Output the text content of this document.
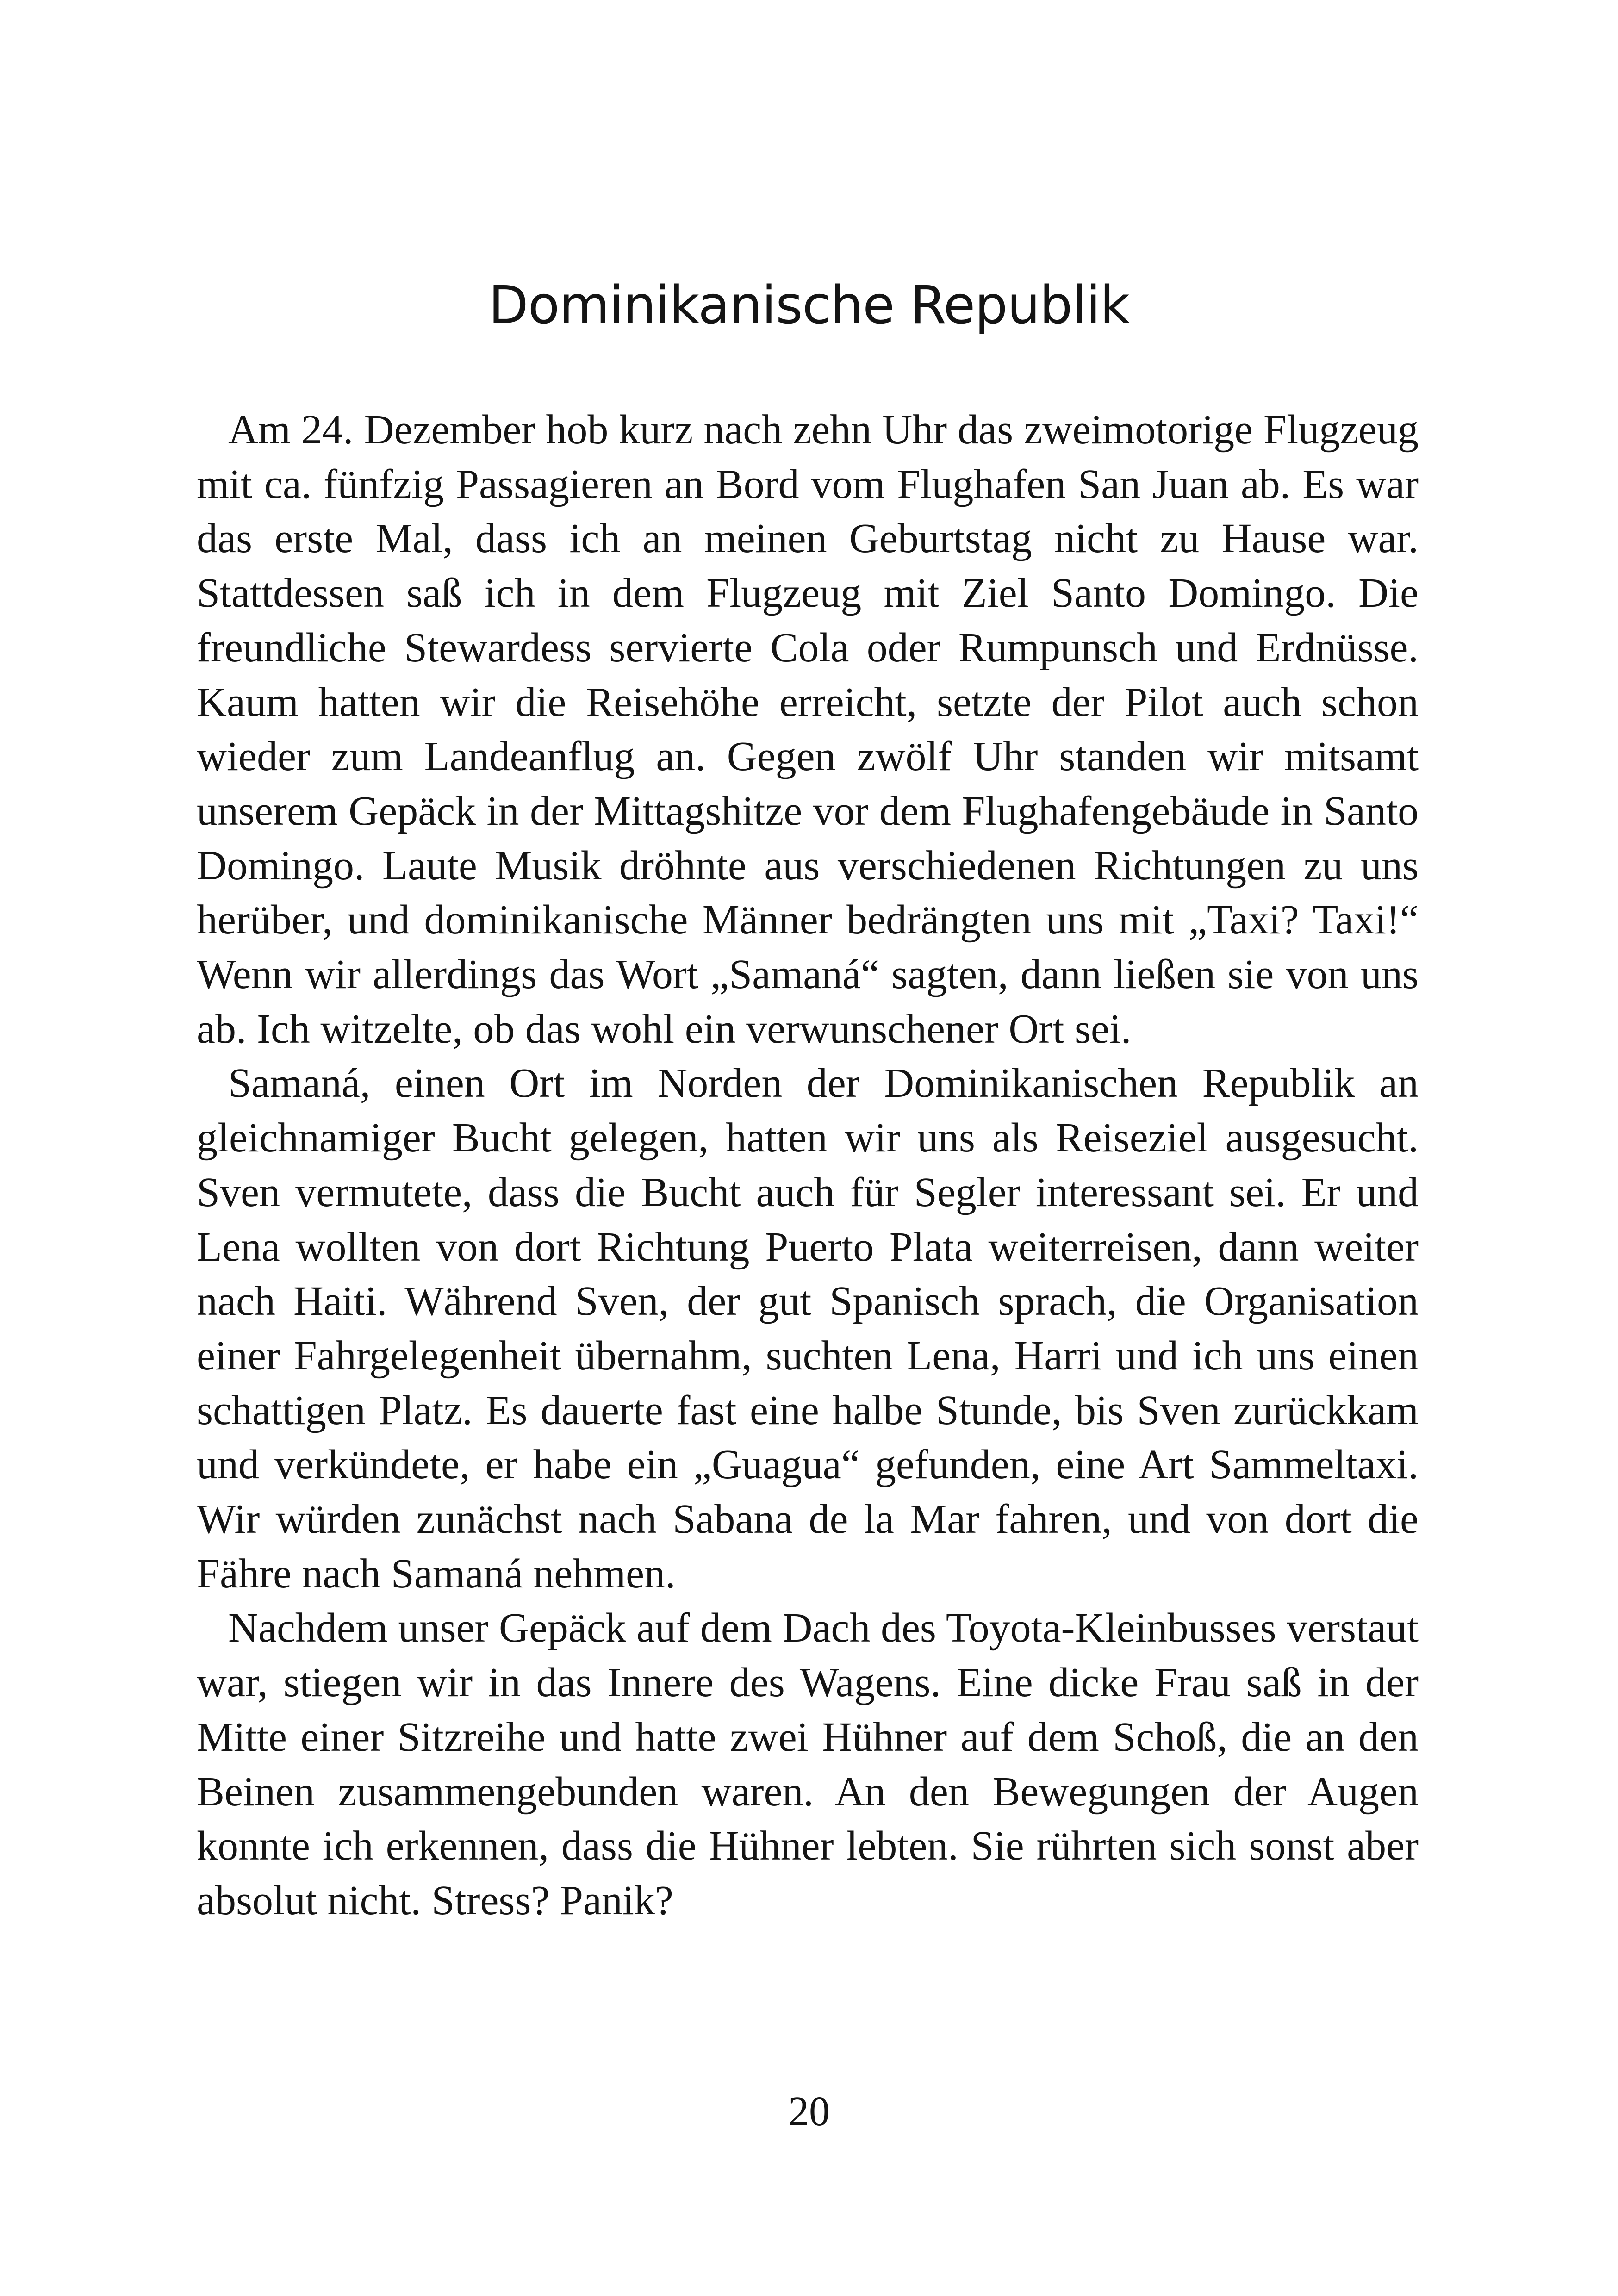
Dominikanische Republik

Am 24. Dezember hob kurz nach zehn Uhr das zweimotorige Flugzeug mit ca. fünfzig Passagieren an Bord vom Flughafen San Juan ab. Es war das erste Mal, dass ich an meinen Geburtstag nicht zu Hause war. Stattdessen saß ich in dem Flugzeug mit Ziel Santo Domingo. Die freundliche Stewardess servierte Cola oder Rumpunsch und Erdnüsse. Kaum hatten wir die Reisehöhe erreicht, setzte der Pilot auch schon wieder zum Landeanflug an. Gegen zwölf Uhr standen wir mitsamt unserem Gepäck in der Mittagshitze vor dem Flughafengebäude in Santo Domingo. Laute Musik dröhnte aus verschiedenen Richtungen zu uns herüber, und dominikanische Männer bedrängten uns mit „Taxi? Taxi!“ Wenn wir allerdings das Wort „Samaná“ sagten, dann ließen sie von uns ab. Ich witzelte, ob das wohl ein verwunschener Ort sei.

Samaná, einen Ort im Norden der Dominikanischen Republik an gleichnamiger Bucht gelegen, hatten wir uns als Reiseziel ausgesucht. Sven vermutete, dass die Bucht auch für Segler interessant sei. Er und Lena wollten von dort Richtung Puerto Plata weiterreisen, dann weiter nach Haiti. Während Sven, der gut Spanisch sprach, die Organisation einer Fahrgelegenheit übernahm, suchten Lena, Harri und ich uns einen schattigen Platz. Es dauerte fast eine halbe Stunde, bis Sven zurückkam und verkündete, er habe ein „Guagua“ gefunden, eine Art Sammeltaxi. Wir würden zunächst nach Sabana de la Mar fahren, und von dort die Fähre nach Samaná nehmen.

Nachdem unser Gepäck auf dem Dach des Toyota-Kleinbusses verstaut war, stiegen wir in das Innere des Wagens. Eine dicke Frau saß in der Mitte einer Sitzreihe und hatte zwei Hühner auf dem Schoß, die an den Beinen zusammengebunden waren. An den Bewegungen der Augen konnte ich erkennen, dass die Hühner lebten. Sie rührten sich sonst aber absolut nicht. Stress? Panik?

20
